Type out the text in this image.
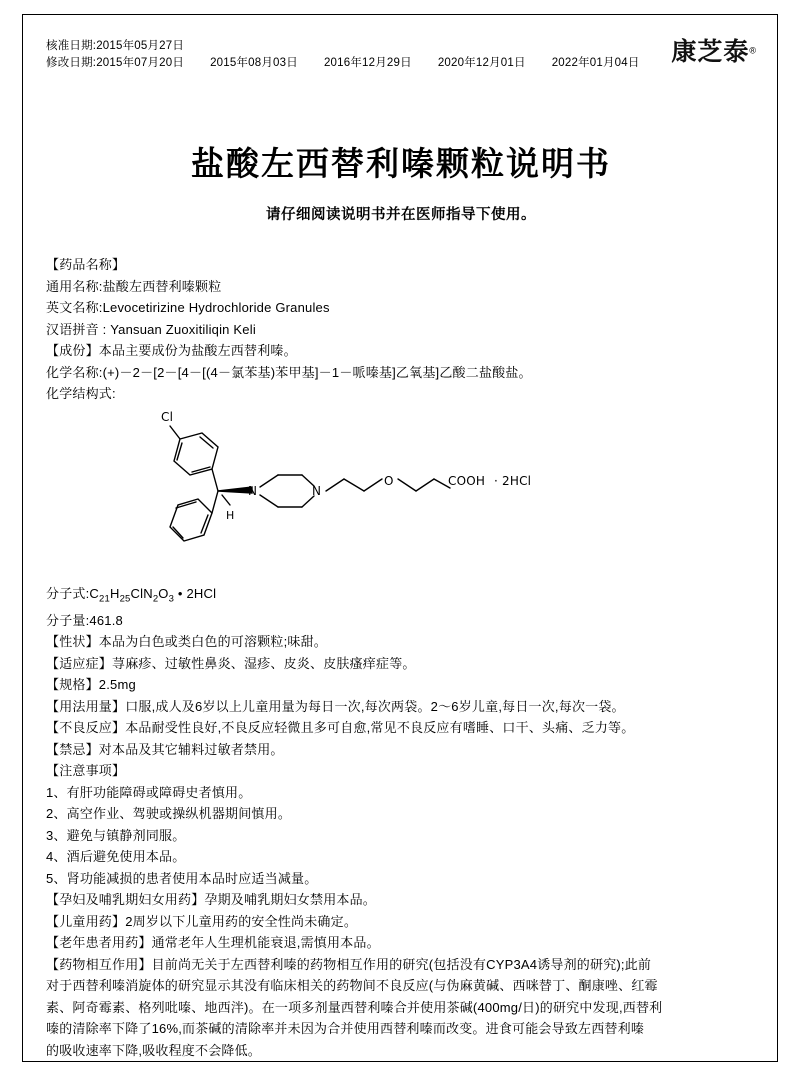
核准日期:2015年05月27日
修改日期:2015年07月20日 2015年08月03日 2016年12月29日 2020年12月01日 2022年01月04日	康芝泰®
盐酸左西替利嗪颗粒说明书
请仔细阅读说明书并在医师指导下使用。

【药品名称】

通用名称:盐酸左西替利嗪颗粒

英文名称:Levocetirizine Hydrochloride Granules

汉语拼音 : Yansuan Zuoxitiliqin Keli

【成份】本品主要成份为盐酸左西替利嗪。

化学名称:(+)－2－[2－[4－[(4－氯苯基)苯甲基]－1－哌嗪基]乙氧基]乙酸二盐酸盐。

化学结构式:

Cl
H
N	N
O	COOH · 2HCl

分子式$:C_{21}H_{25}ClN_2O_3$ • 2HCl

分子量:461.8

【性状】本品为白色或类白色的可溶颗粒;味甜。

【适应症】荨麻疹、过敏性鼻炎、湿疹、皮炎、皮肤瘙痒症等。

【规格】2.5mg

【用法用量】口服,成人及6岁以上儿童用量为每日一次,每次两袋。2～6岁儿童,每日一次,每次一袋。

【不良反应】本品耐受性良好,不良反应轻微且多可自愈,常见不良反应有嗜睡、口干、头痛、乏力等。

【禁忌】对本品及其它辅料过敏者禁用。

【注意事项】

1、有肝功能障碍或障碍史者慎用。

2、高空作业、驾驶或操纵机器期间慎用。

3、避免与镇静剂同服。

4、酒后避免使用本品。

5、肾功能减损的患者使用本品时应适当减量。

【孕妇及哺乳期妇女用药】孕期及哺乳期妇女禁用本品。

【儿童用药】2周岁以下儿童用药的安全性尚未确定。

【老年患者用药】通常老年人生理机能衰退,需慎用本品。

【药物相互作用】目前尚无关于左西替利嗪的药物相互作用的研究(包括没有CYP3A4诱导剂的研究);此前

对于西替利嗪消旋体的研究显示其没有临床相关的药物间不良反应(与伪麻黄碱、西咪替丁、酮康唑、红霉

素、阿奇霉素、格列吡嗪、地西泮)。在一项多剂量西替利嗪合并使用茶碱(400mg/日)的研究中发现,西替利

嗪的清除率下降了16%,而茶碱的清除率并未因为合并使用西替利嗪而改变。进食可能会导致左西替利嗪

的吸收速率下降,吸收程度不会降低。
